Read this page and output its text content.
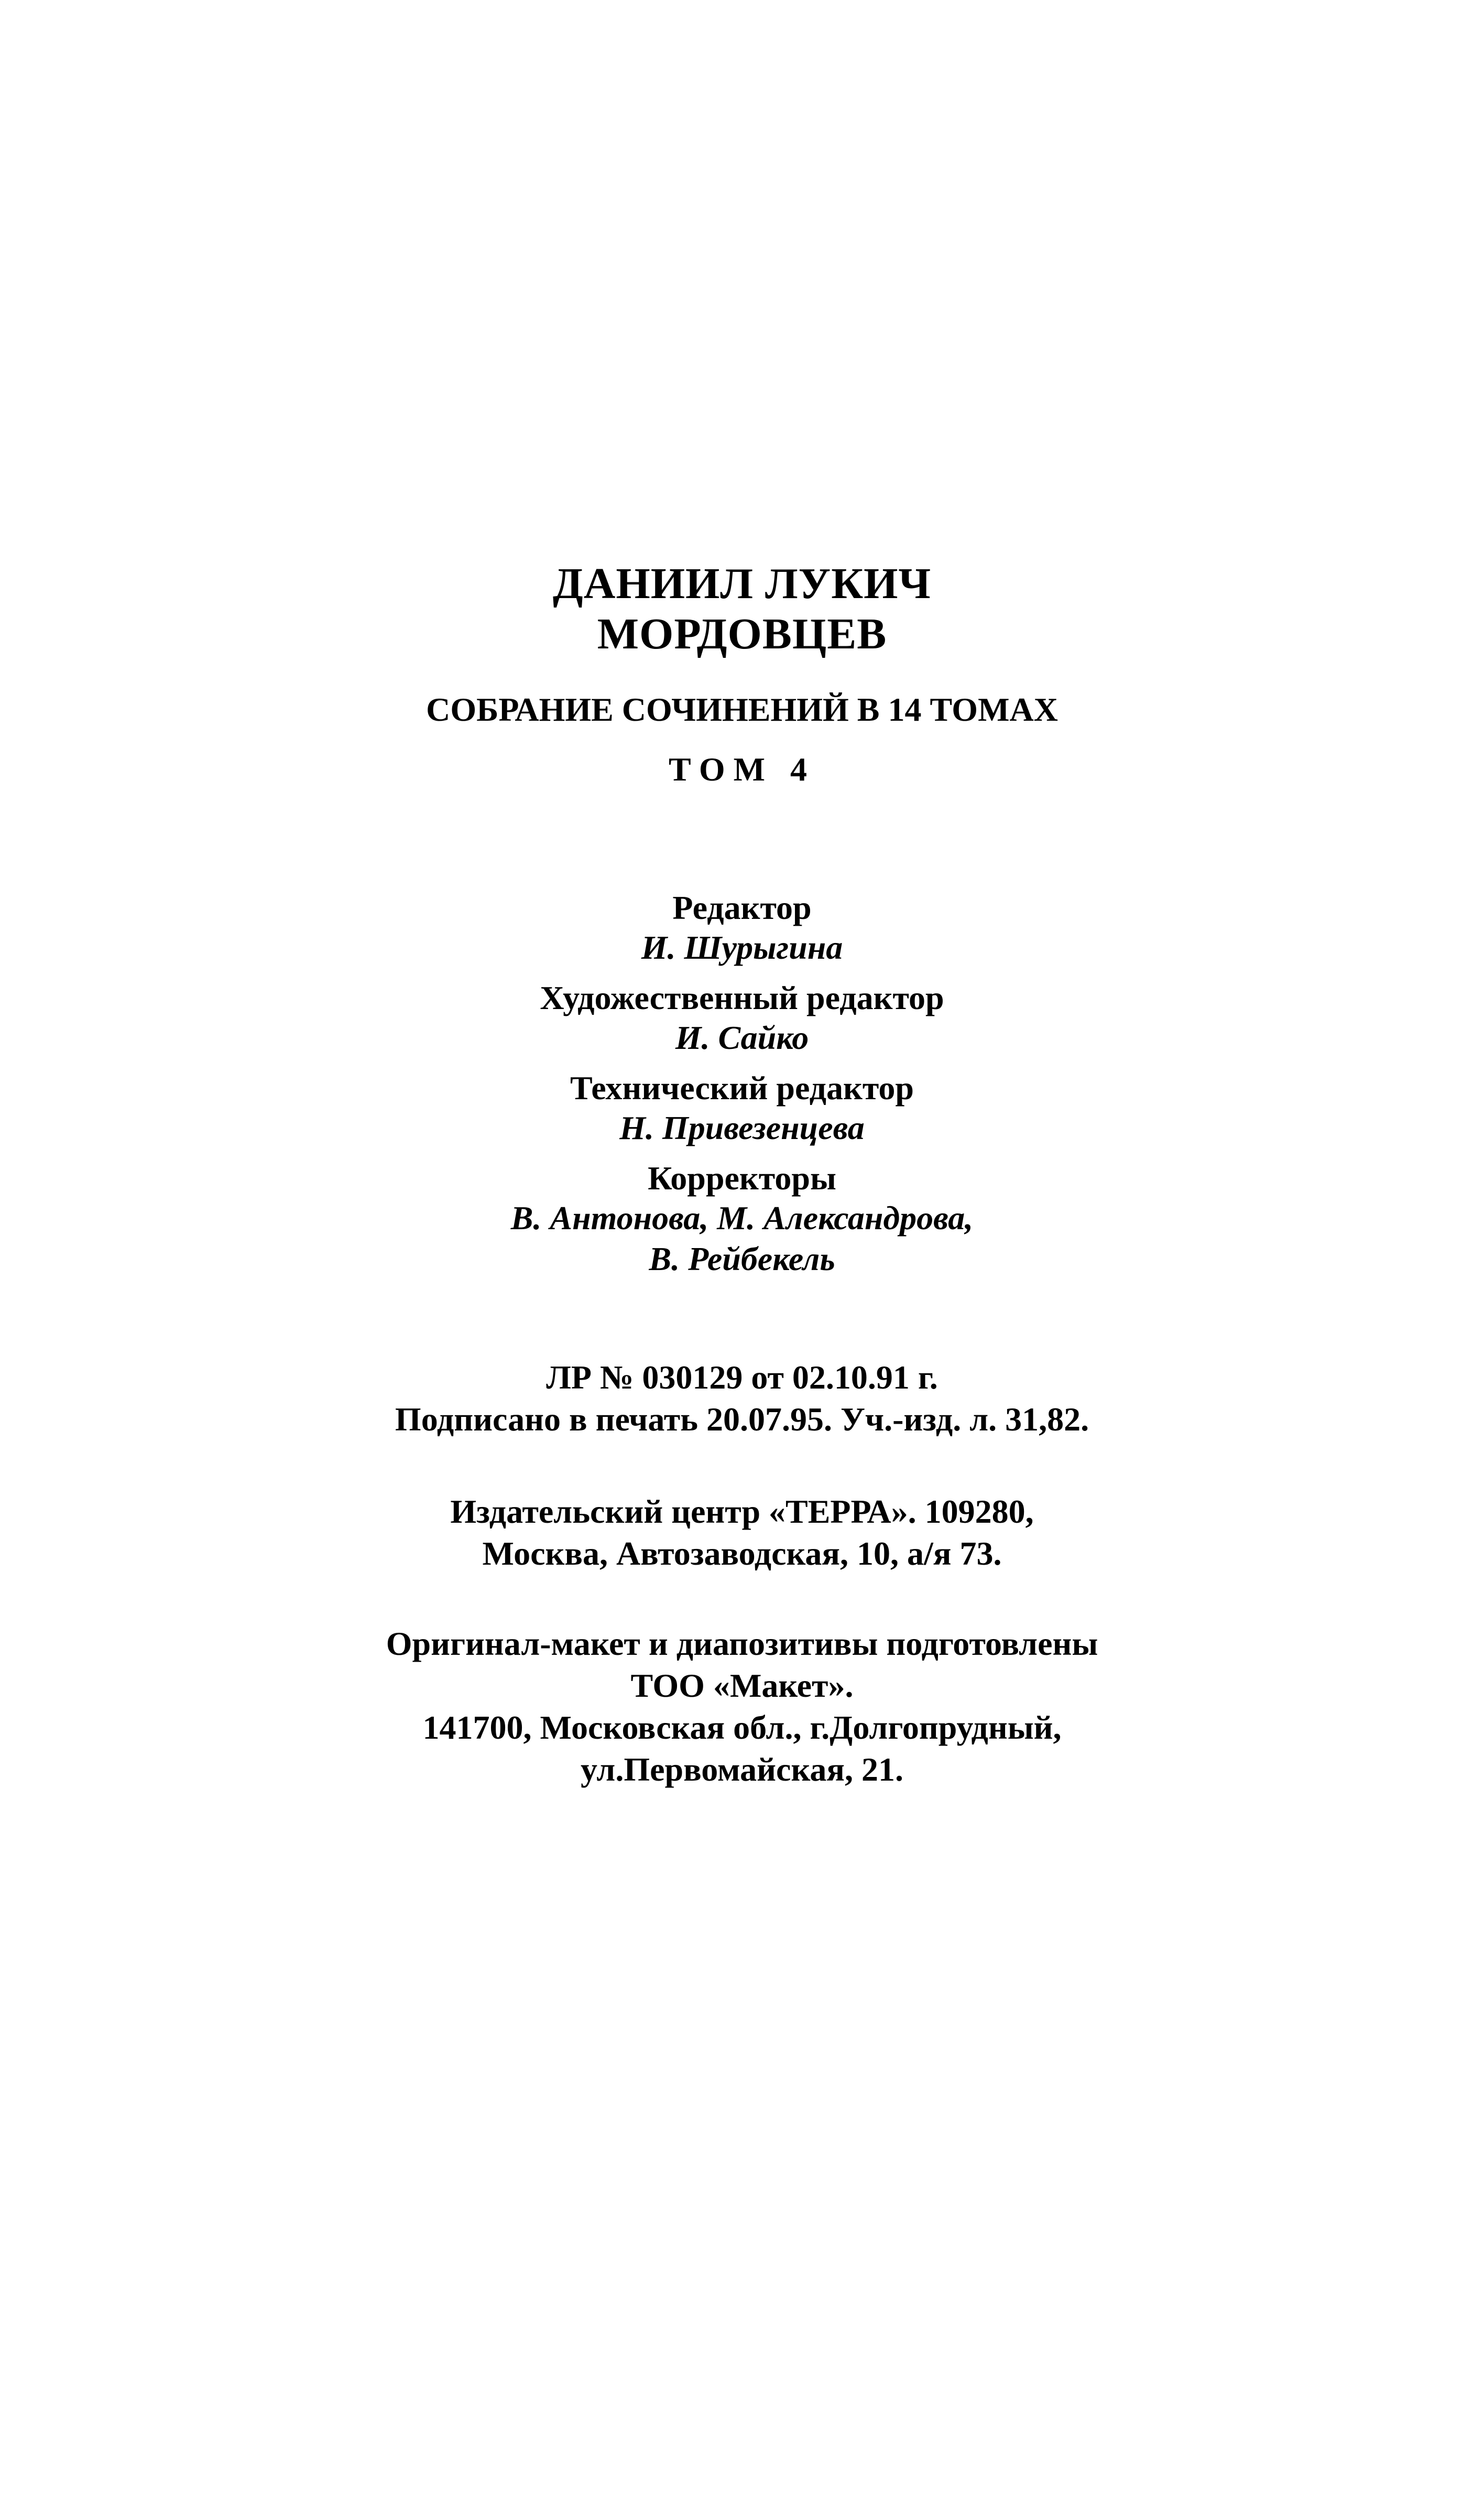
ДАНИИЛ ЛУКИЧ
МОРДОВЦЕВ
СОБРАНИЕ СОЧИНЕНИЙ В 14 ТОМАХ
ТОМ 4
Редактор
И. Шурыгина
Художественный редактор
И. Сайко
Технический редактор
Н. Привезенцева
Корректоры
В. Антонова, М. Александрова,
В. Рейбекель
ЛР № 030129 от 02.10.91 г.
Подписано в печать 20.07.95. Уч.-изд. л. 31,82.
Издательский центр «ТЕРРА». 109280,
Москва, Автозаводская, 10, а/я 73.
Оригинал-макет и диапозитивы подготовлены
ТОО «Макет».
141700, Московская обл., г.Долгопрудный,
ул.Первомайская, 21.
